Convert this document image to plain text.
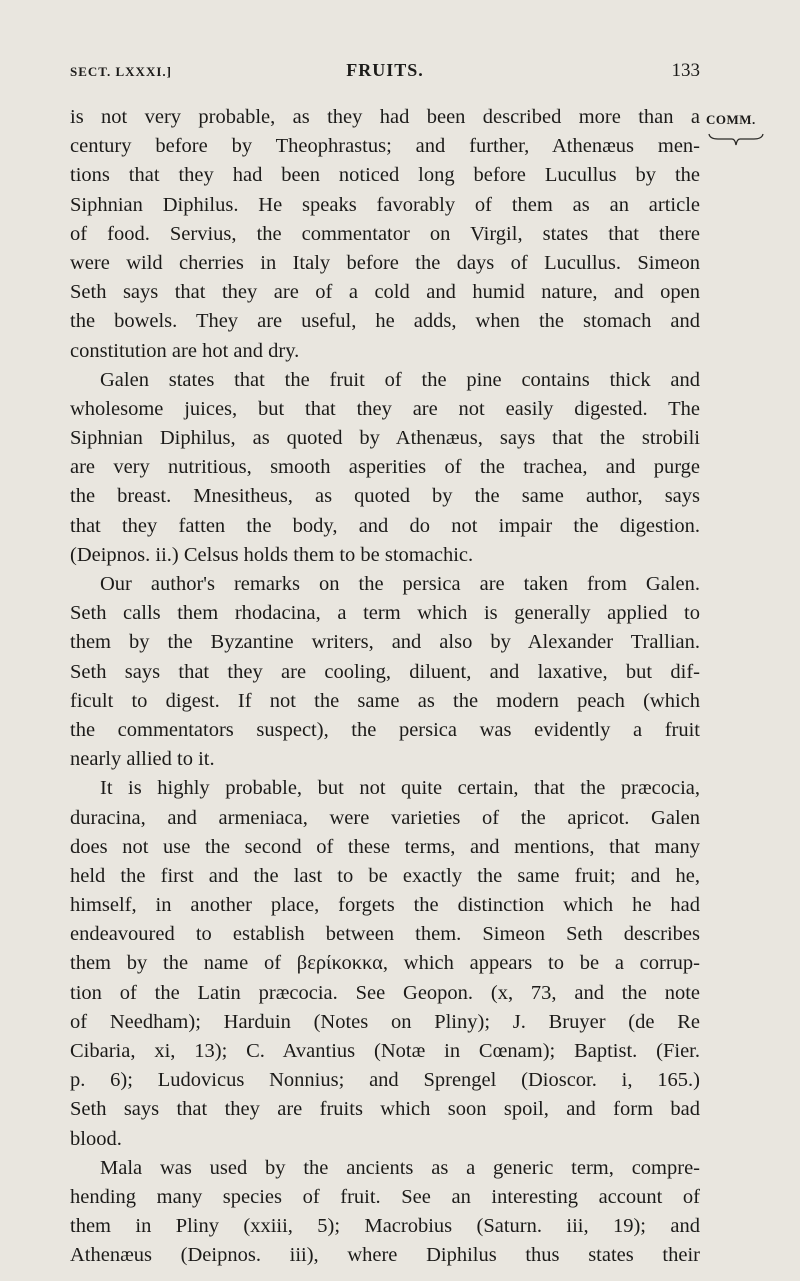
SECT. LXXXI.]	FRUITS.	133
COMM.
is not very probable, as they had been described more than a
century before by Theophrastus; and further, Athenæus men-
tions that they had been noticed long before Lucullus by the
Siphnian Diphilus. He speaks favorably of them as an article
of food. Servius, the commentator on Virgil, states that there
were wild cherries in Italy before the days of Lucullus. Simeon
Seth says that they are of a cold and humid nature, and open
the bowels. They are useful, he adds, when the stomach and
constitution are hot and dry.
Galen states that the fruit of the pine contains thick and
wholesome juices, but that they are not easily digested. The
Siphnian Diphilus, as quoted by Athenæus, says that the strobili
are very nutritious, smooth asperities of the trachea, and purge
the breast. Mnesitheus, as quoted by the same author, says
that they fatten the body, and do not impair the digestion.
(Deipnos. ii.) Celsus holds them to be stomachic.
Our author's remarks on the persica are taken from Galen.
Seth calls them rhodacina, a term which is generally applied to
them by the Byzantine writers, and also by Alexander Trallian.
Seth says that they are cooling, diluent, and laxative, but dif-
ficult to digest. If not the same as the modern peach (which
the commentators suspect), the persica was evidently a fruit
nearly allied to it.
It is highly probable, but not quite certain, that the præcocia,
duracina, and armeniaca, were varieties of the apricot. Galen
does not use the second of these terms, and mentions, that many
held the first and the last to be exactly the same fruit; and he,
himself, in another place, forgets the distinction which he had
endeavoured to establish between them. Simeon Seth describes
them by the name of βερίκοκκα, which appears to be a corrup-
tion of the Latin præcocia. See Geopon. (x, 73, and the note
of Needham); Harduin (Notes on Pliny); J. Bruyer (de Re
Cibaria, xi, 13); C. Avantius (Notæ in Cœnam); Baptist. (Fier.
p. 6); Ludovicus Nonnius; and Sprengel (Dioscor. i, 165.)
Seth says that they are fruits which soon spoil, and form bad
blood.
Mala was used by the ancients as a generic term, compre-
hending many species of fruit. See an interesting account of
them in Pliny (xxiii, 5); Macrobius (Saturn. iii, 19); and
Athenæus (Deipnos. iii), where Diphilus thus states their
